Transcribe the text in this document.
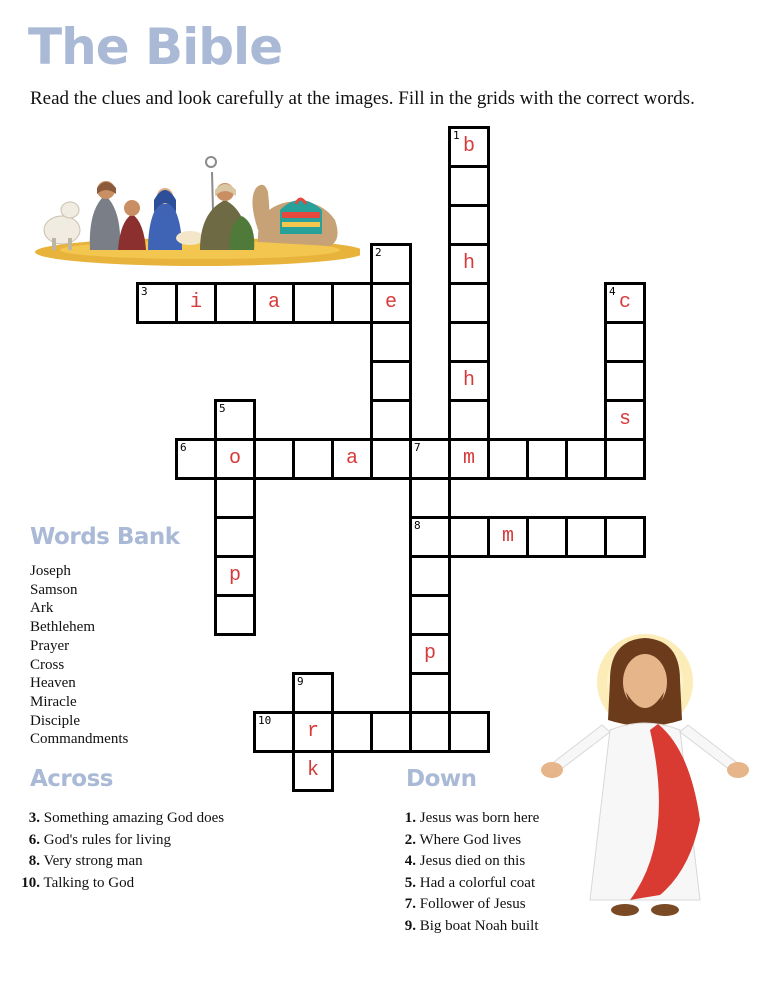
The Bible
Read the clues and look carefully at the images. Fill in the grids with the correct words.
1 b
h
h
m
2
e
3	i	a	4 c
s
5
o
p
6	a	7
8
p
m
9
r
k
10
Words Bank
Joseph
Samson
Ark
Bethlehem
Prayer
Cross
Heaven
Miracle
Disciple
Commandments
Across
3. Something amazing God does
6. God's rules for living
8. Very strong man
10. Talking to God
Down
1. Jesus was born here
2. Where God lives
4. Jesus died on this
5. Had a colorful coat
7. Follower of Jesus
9. Big boat Noah built
